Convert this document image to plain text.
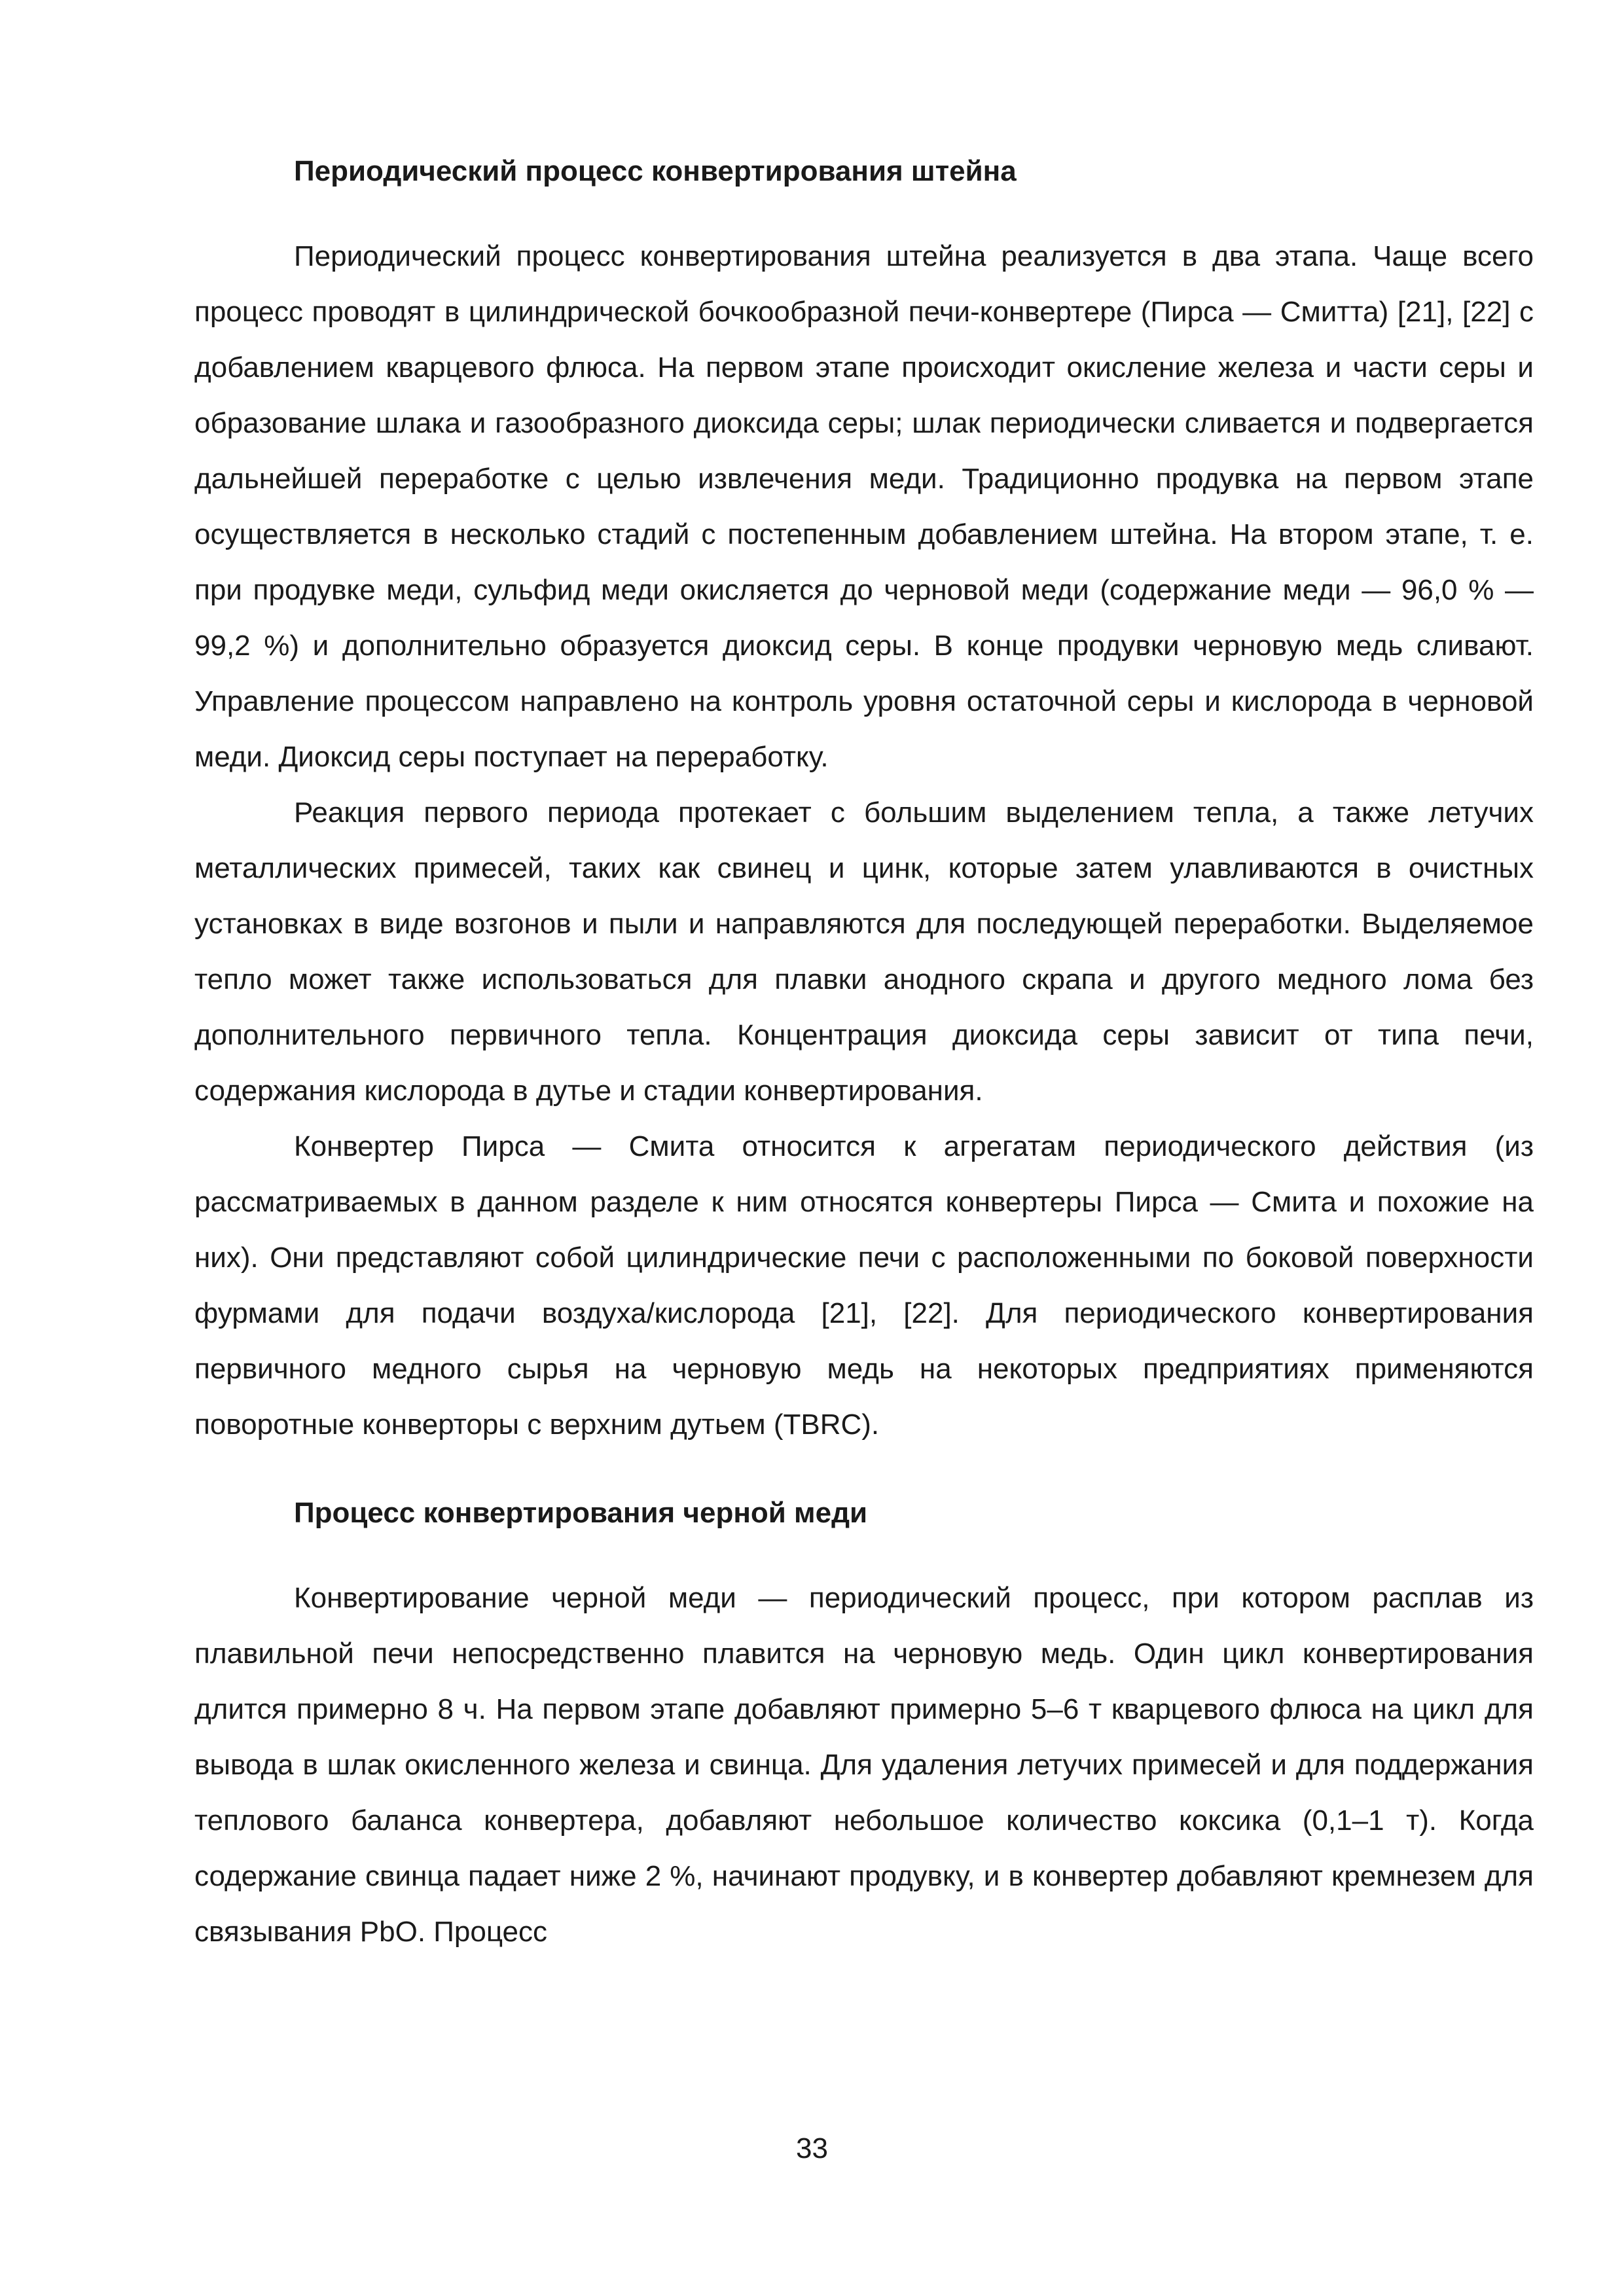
Периодический процесс конвертирования штейна

Периодический процесс конвертирования штейна реализуется в два этапа. Чаще всего процесс проводят в цилиндрической бочкообразной печи-конвертере (Пирса — Смитта) [21], [22] с добавлением кварцевого флюса. На первом этапе происходит окисление железа и части серы и образование шлака и газообразного диоксида серы; шлак периодически сливается и подвергается дальнейшей переработке с целью извлечения меди. Традиционно продувка на первом этапе осуществляется в несколько стадий с постепенным добавлением штейна. На втором этапе, т. е. при продувке меди, сульфид меди окисляется до черновой меди (содержание меди — 96,0 % — 99,2 %) и дополнительно образуется диоксид серы. В конце продувки черновую медь сливают. Управление процессом направлено на контроль уровня остаточной серы и кислорода в черновой меди. Диоксид серы поступает на переработку.

Реакция первого периода протекает с большим выделением тепла, а также летучих металлических примесей, таких как свинец и цинк, которые затем улавливаются в очистных установках в виде возгонов и пыли и направляются для последующей переработки. Выделяемое тепло может также использоваться для плавки анодного скрапа и другого медного лома без дополнительного первичного тепла. Концентрация диоксида серы зависит от типа печи, содержания кислорода в дутье и стадии конвертирования.

Конвертер Пирса — Смита относится к агрегатам периодического действия (из рассматриваемых в данном разделе к ним относятся конвертеры Пирса — Смита и похожие на них). Они представляют собой цилиндрические печи с расположенными по боковой поверхности фурмами для подачи воздуха/кислорода [21], [22]. Для периодического конвертирования первичного медного сырья на черновую медь на некоторых предприятиях применяются поворотные конверторы с верхним дутьем (TBRC).

Процесс конвертирования черной меди

Конвертирование черной меди — периодический процесс, при котором расплав из плавильной печи непосредственно плавится на черновую медь. Один цикл конвертирования длится примерно 8 ч. На первом этапе добавляют примерно 5–6 т кварцевого флюса на цикл для вывода в шлак окисленного железа и свинца. Для удаления летучих примесей и для поддержания теплового баланса конвертера, добавляют небольшое количество коксика (0,1–1 т). Когда содержание свинца падает ниже 2 %, начинают продувку, и в конвертер добавляют кремнезем для связывания PbO. Процесс

33
